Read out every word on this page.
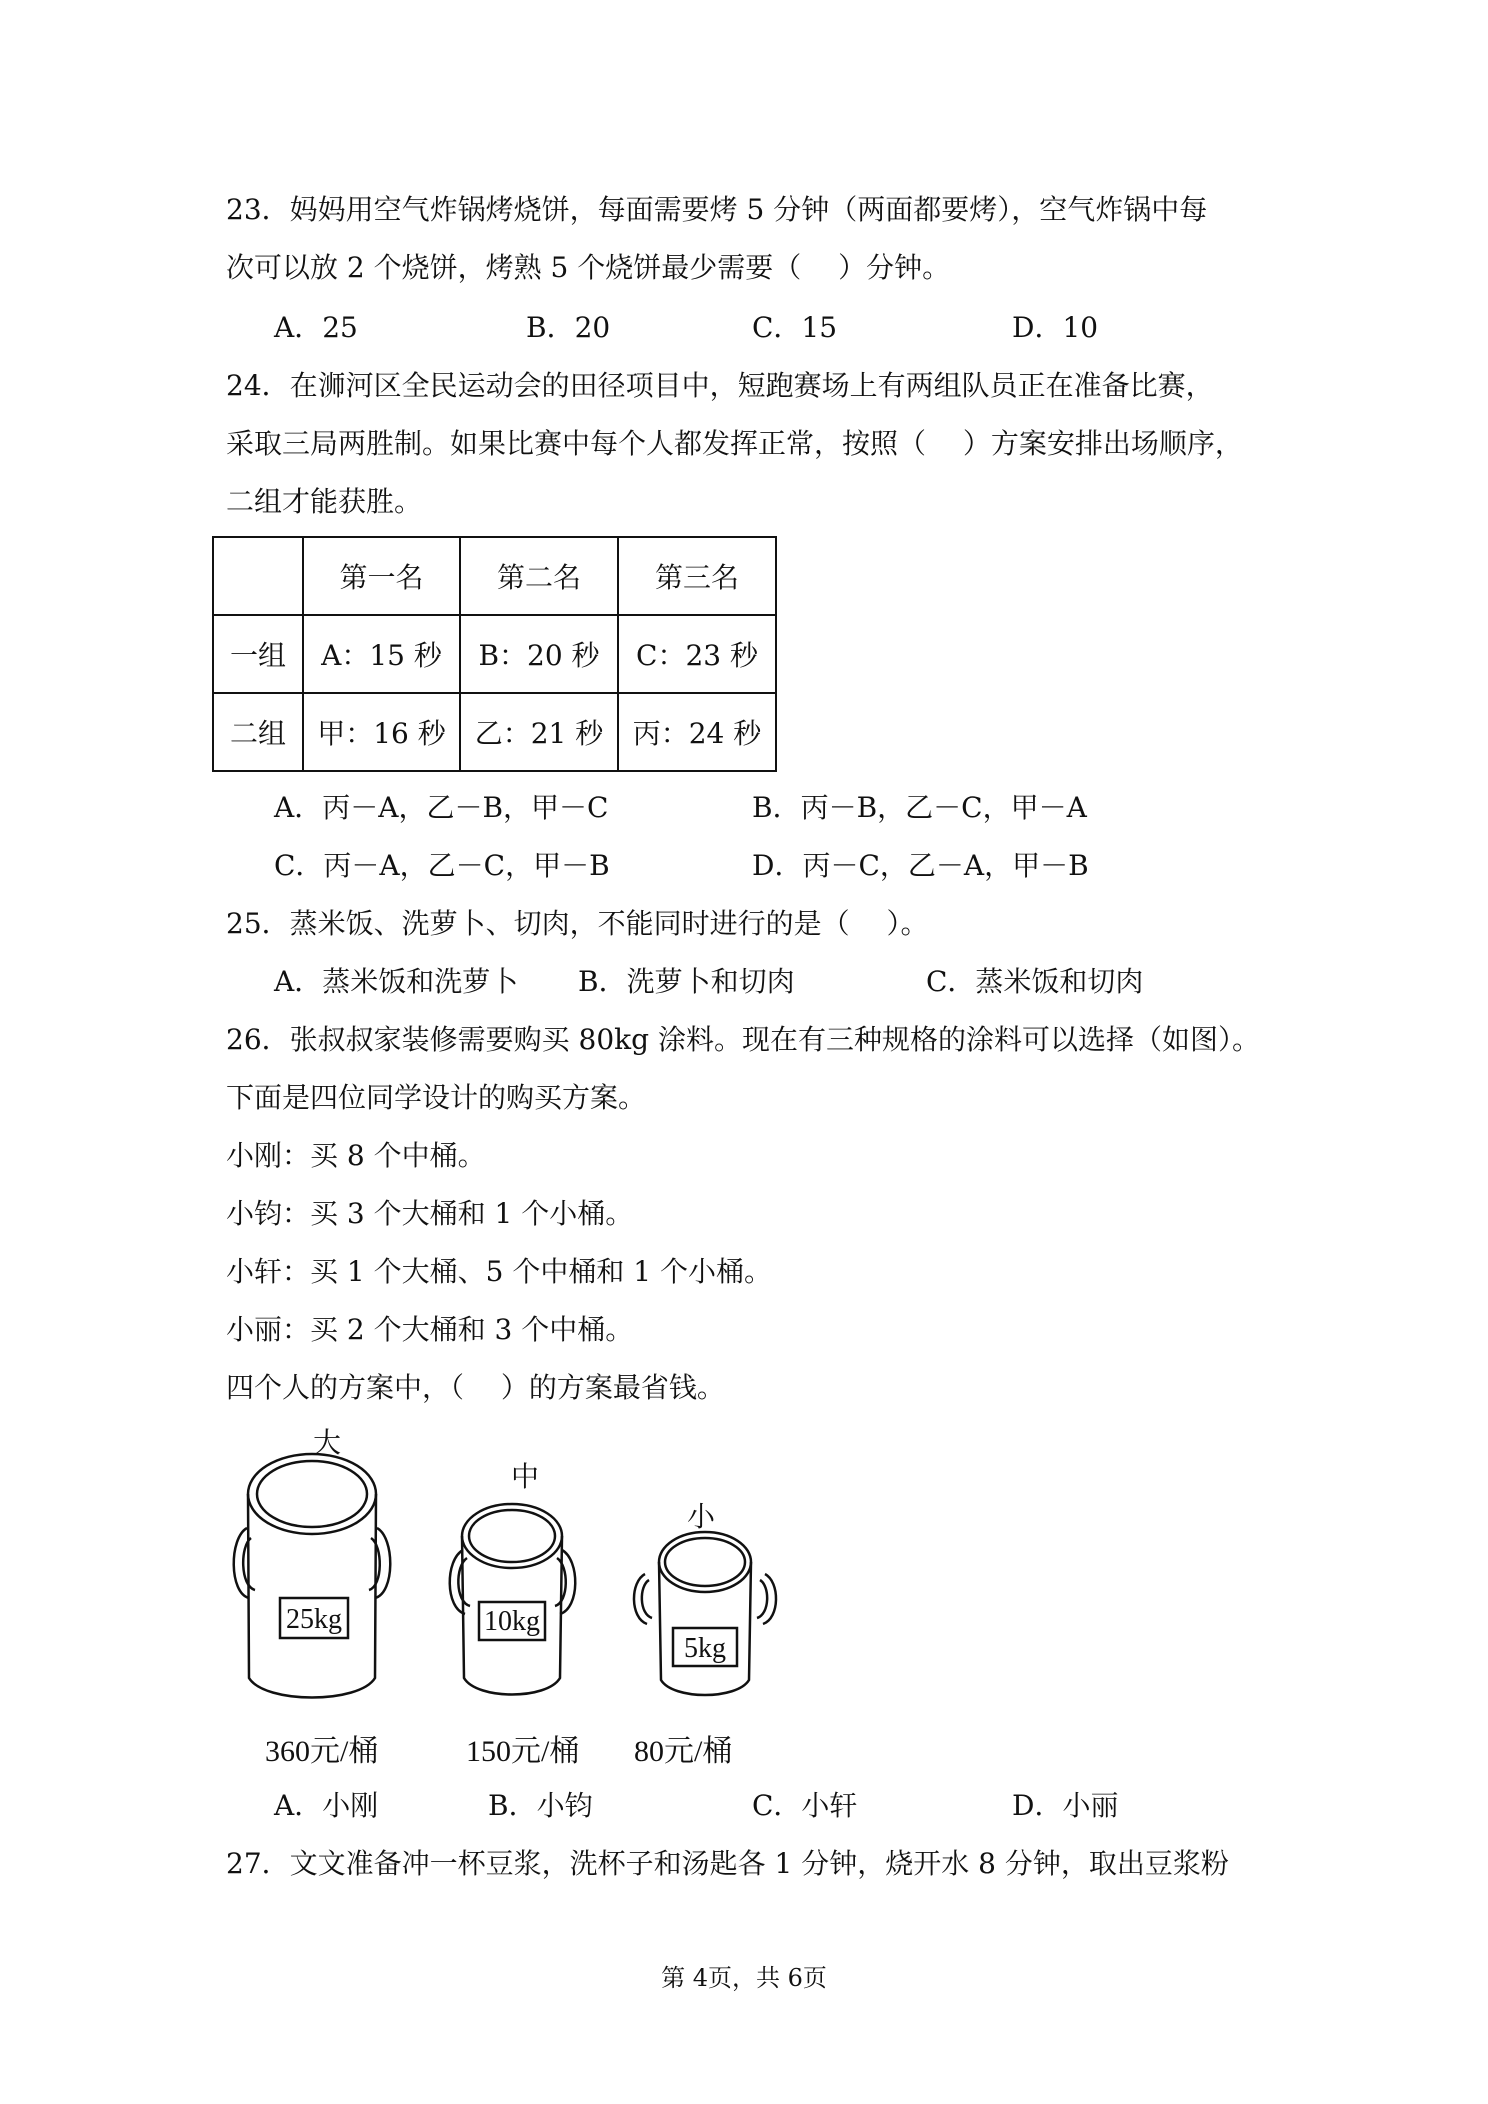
23．妈妈用空气炸锅烤烧饼，每面需要烤 5 分钟（两面都要烤），空气炸锅中每
次可以放 2 个烧饼，烤熟 5 个烧饼最少需要（　 ）分钟。
A．25	B．20	C．15	D．10
24．在浉河区全民运动会的田径项目中，短跑赛场上有两组队员正在准备比赛，
采取三局两胜制。如果比赛中每个人都发挥正常，按照（　 ）方案安排出场顺序，
二组才能获胜。
	第一名	第二名	第三名
一组	A：15 秒	B：20 秒	C：23 秒
二组	甲：16 秒	乙：21 秒	丙：24 秒
A．丙－A，乙－B，甲－C	B．丙－B，乙－C，甲－A
C．丙－A，乙－C，甲－B	D．丙－C，乙－A，甲－B
25．蒸米饭、洗萝卜、切肉，不能同时进行的是（　 ）。
A．蒸米饭和洗萝卜 B．洗萝卜和切肉	C．蒸米饭和切肉
26．张叔叔家装修需要购买 80kg 涂料。现在有三种规格的涂料可以选择（如图）。
下面是四位同学设计的购买方案。
小刚：买 8 个中桶。
小钧：买 3 个大桶和 1 个小桶。
小轩：买 1 个大桶、5 个中桶和 1 个小桶。
小丽：买 2 个大桶和 3 个中桶。
四个人的方案中，（　 ）的方案最省钱。
大
中
小
25kg	10kg
5kg
360元/桶	150元/桶 80元/桶
A．小刚	B．小钧	C．小轩	D．小丽
27．文文准备冲一杯豆浆，洗杯子和汤匙各 1 分钟，烧开水 8 分钟，取出豆浆粉
第 4页，共 6页
